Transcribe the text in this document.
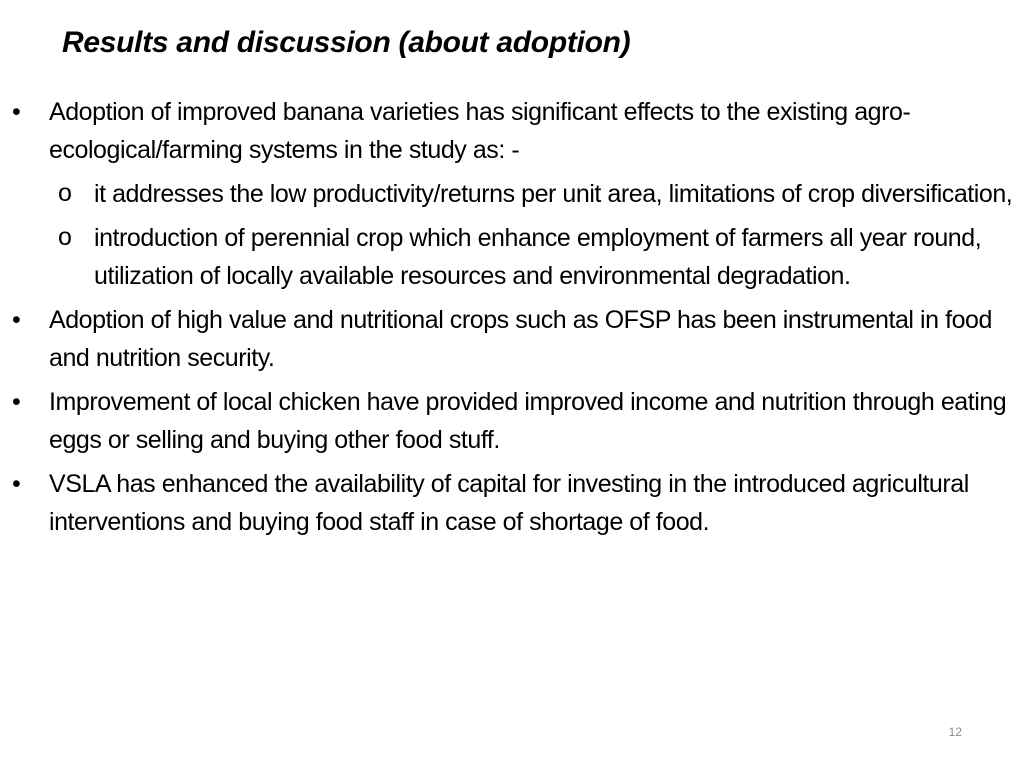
Results and discussion (about adoption)
•	Adoption of improved banana varieties has significant effects to the existing agro-ecological/farming systems in the study as: -
o it addresses the low productivity/returns per unit area, limitations of crop diversification,
o introduction of perennial crop which enhance employment of farmers all year round, utilization of locally available resources and environmental degradation.
•	Adoption of high value and nutritional crops such as OFSP has been instrumental in food and nutrition security.
•	Improvement of local chicken have provided improved income and nutrition through eating eggs or selling and buying other food stuff.
•	VSLA has enhanced the availability of capital for investing in the introduced agricultural interventions and buying food staff in case of shortage of food.
12
